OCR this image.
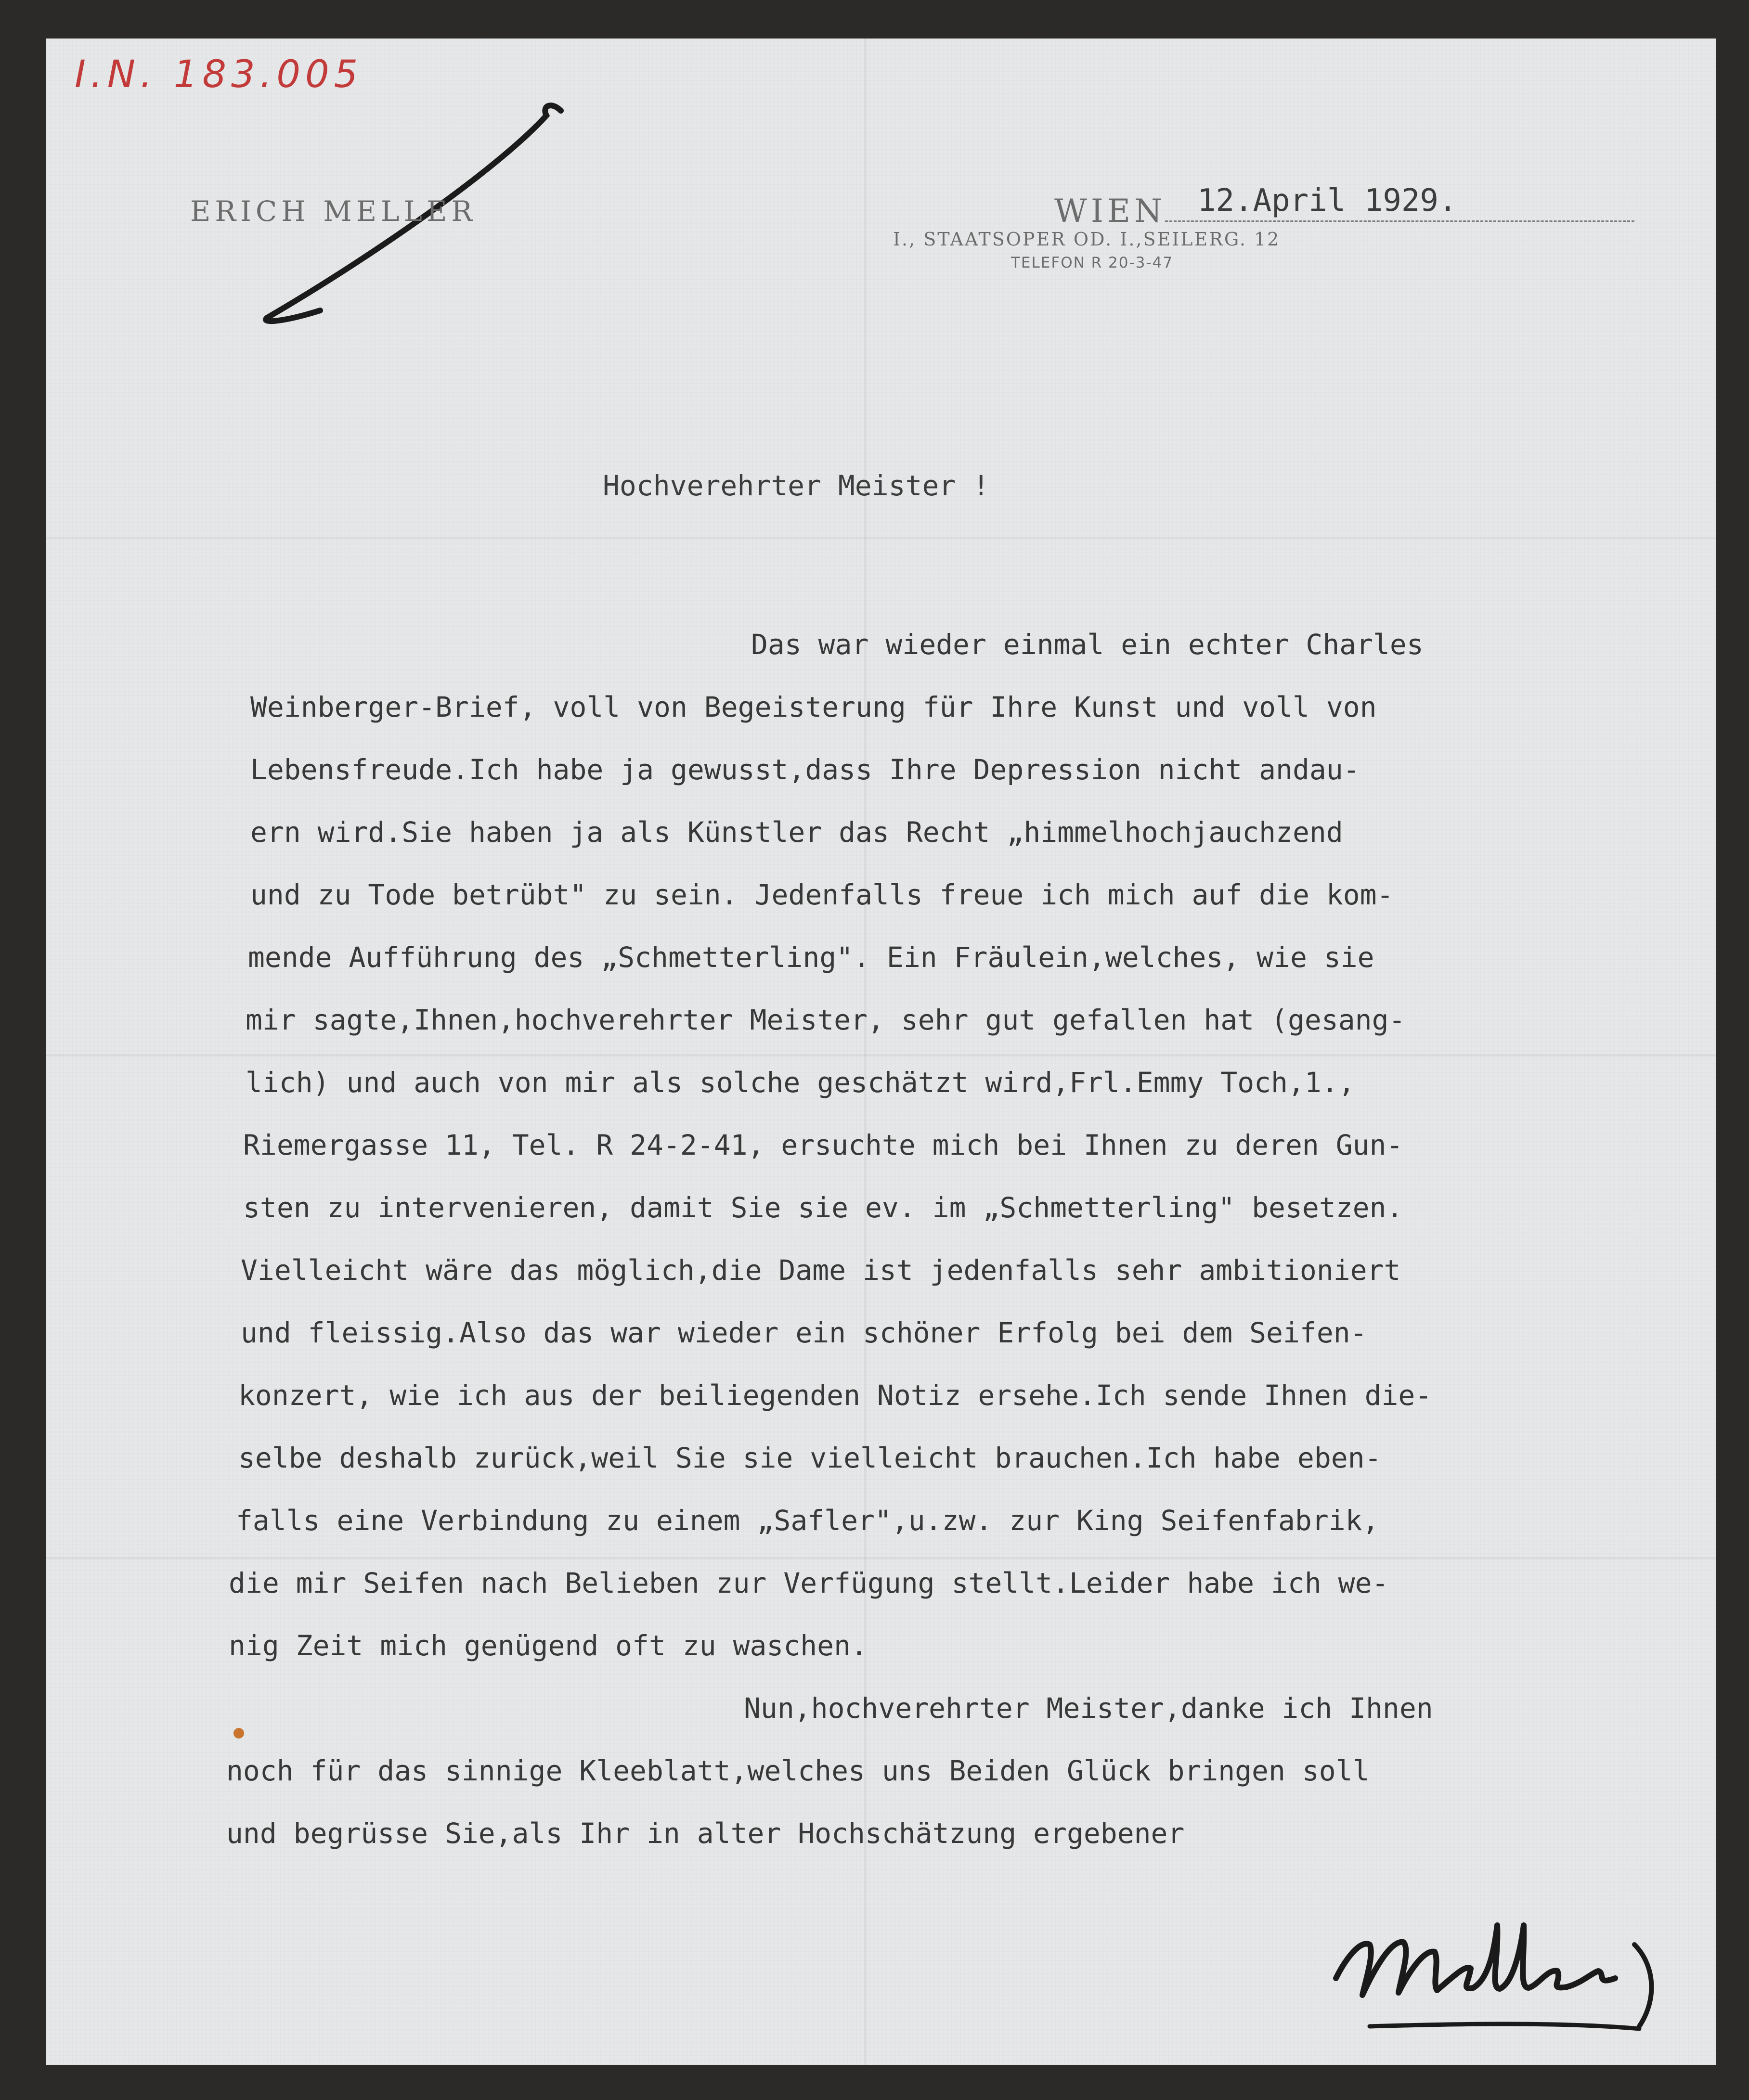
I.N. 183.005
ERICH MELLER	WIEN 12.April 1929.
I., STAATSOPER OD. I.,SEILERG. 12
TELEFON R 20-3-47
Hochverehrter Meister !
Das war wieder einmal ein echter Charles
Weinberger-Brief, voll von Begeisterung für Ihre Kunst und voll von
Lebensfreude.Ich habe ja gewusst,dass Ihre Depression nicht andau-
ern wird.Sie haben ja als Künstler das Recht „himmelhochjauchzend
und zu Tode betrübt" zu sein. Jedenfalls freue ich mich auf die kom-
mende Aufführung des „Schmetterling". Ein Fräulein,welches, wie sie
mir sagte,Ihnen,hochverehrter Meister, sehr gut gefallen hat (gesang-
lich) und auch von mir als solche geschätzt wird,Frl.Emmy Toch,1.,
Riemergasse 11, Tel. R 24-2-41, ersuchte mich bei Ihnen zu deren Gun-
sten zu intervenieren, damit Sie sie ev. im „Schmetterling" besetzen.
Vielleicht wäre das möglich,die Dame ist jedenfalls sehr ambitioniert
und fleissig.Also das war wieder ein schöner Erfolg bei dem Seifen-
konzert, wie ich aus der beiliegenden Notiz ersehe.Ich sende Ihnen die-
selbe deshalb zurück,weil Sie sie vielleicht brauchen.Ich habe eben-
falls eine Verbindung zu einem „Safler",u.zw. zur King Seifenfabrik,
die mir Seifen nach Belieben zur Verfügung stellt.Leider habe ich we-
nig Zeit mich genügend oft zu waschen.
Nun,hochverehrter Meister,danke ich Ihnen
noch für das sinnige Kleeblatt,welches uns Beiden Glück bringen soll
und begrüsse Sie,als Ihr in alter Hochschätzung ergebener
